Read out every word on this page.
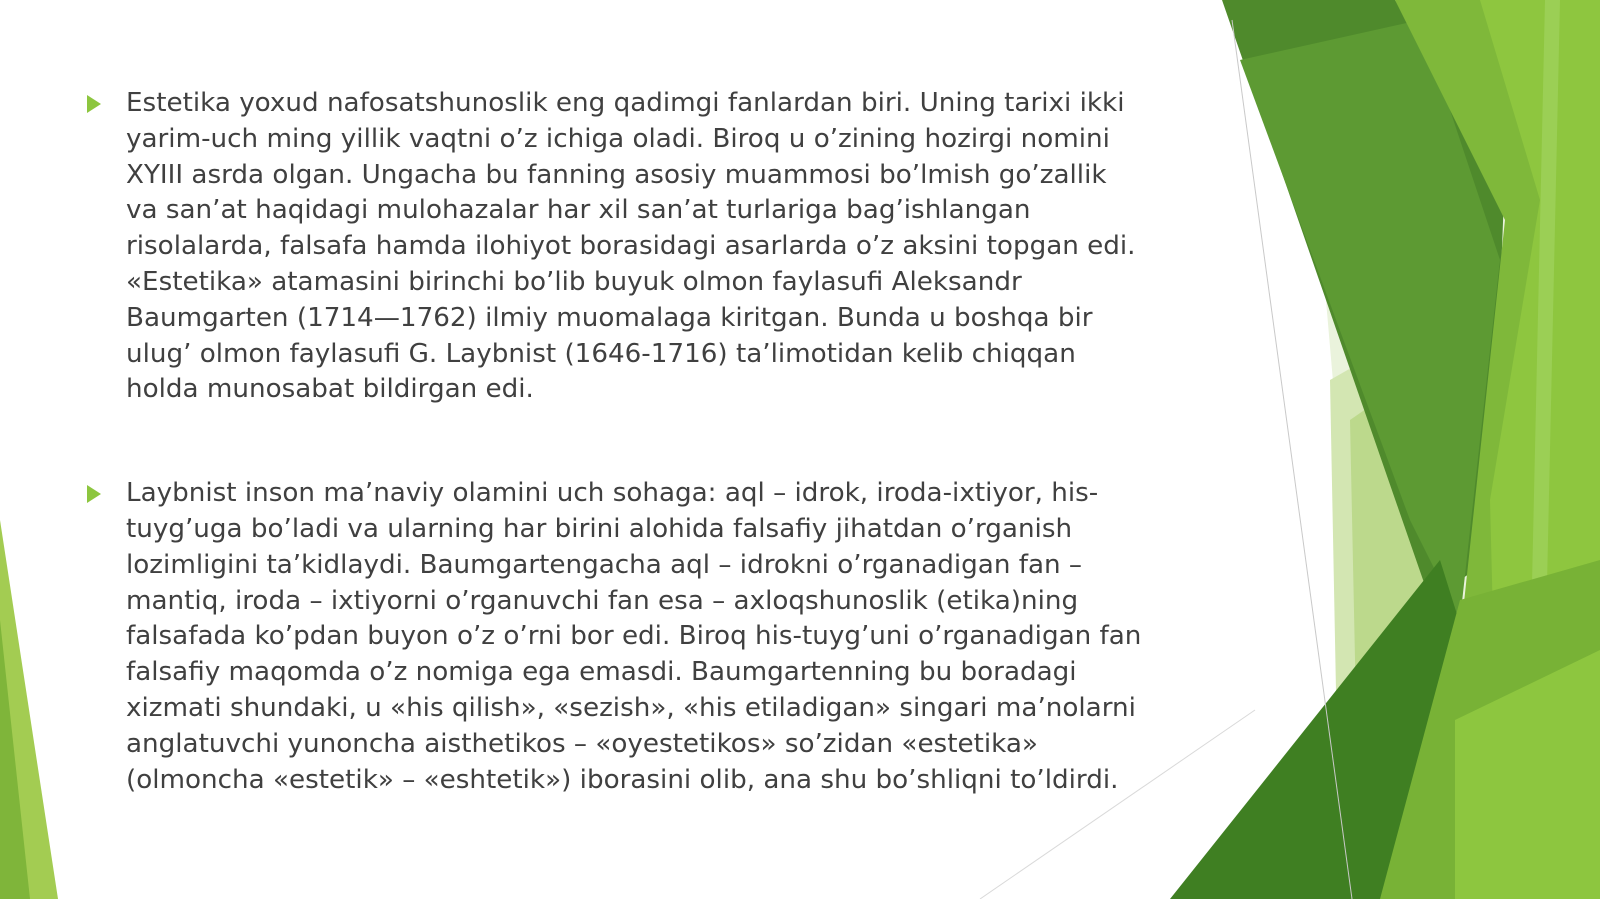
Estetika yoxud nafosatshunoslik eng qadimgi fanlardan biri. Uning tarixi ikki
yarim-uch ming yillik vaqtni o’z ichiga oladi. Biroq u o’zining hozirgi nomini
XYIII asrda olgan. Ungacha bu fanning asosiy muammosi bo’lmish go’zallik
va san’at haqidagi mulohazalar har xil san’at turlariga bag’ishlangan
risolalarda, falsafa hamda ilohiyot borasidagi asarlarda o’z aksini topgan edi.
«Estetika» atamasini birinchi bo’lib buyuk olmon faylasufi Aleksandr
Baumgarten (1714—1762) ilmiy muomalaga kiritgan. Bunda u boshqa bir
ulug’ olmon faylasufi G. Laybnist (1646-1716) ta’limotidan kelib chiqqan
holda munosabat bildirgan edi.
Laybnist inson ma’naviy olamini uch sohaga: aql – idrok, iroda-ixtiyor, his-
tuyg’uga bo’ladi va ularning har birini alohida falsafiy jihatdan o’rganish
lozimligini ta’kidlaydi. Baumgartengacha aql – idrokni o’rganadigan fan –
mantiq, iroda – ixtiyorni o’rganuvchi fan esa – axloqshunoslik (etika)ning
falsafada ko’pdan buyon o’z o’rni bor edi. Biroq his-tuyg’uni o’rganadigan fan
falsafiy maqomda o’z nomiga ega emasdi. Baumgartenning bu boradagi
xizmati shundaki, u «his qilish», «sezish», «his etiladigan» singari ma’nolarni
anglatuvchi yunoncha aisthetikos – «oyestetikos» so’zidan «estetika»
(olmoncha «estetik» – «eshtetik») iborasini olib, ana shu bo’shliqni to’ldirdi.
